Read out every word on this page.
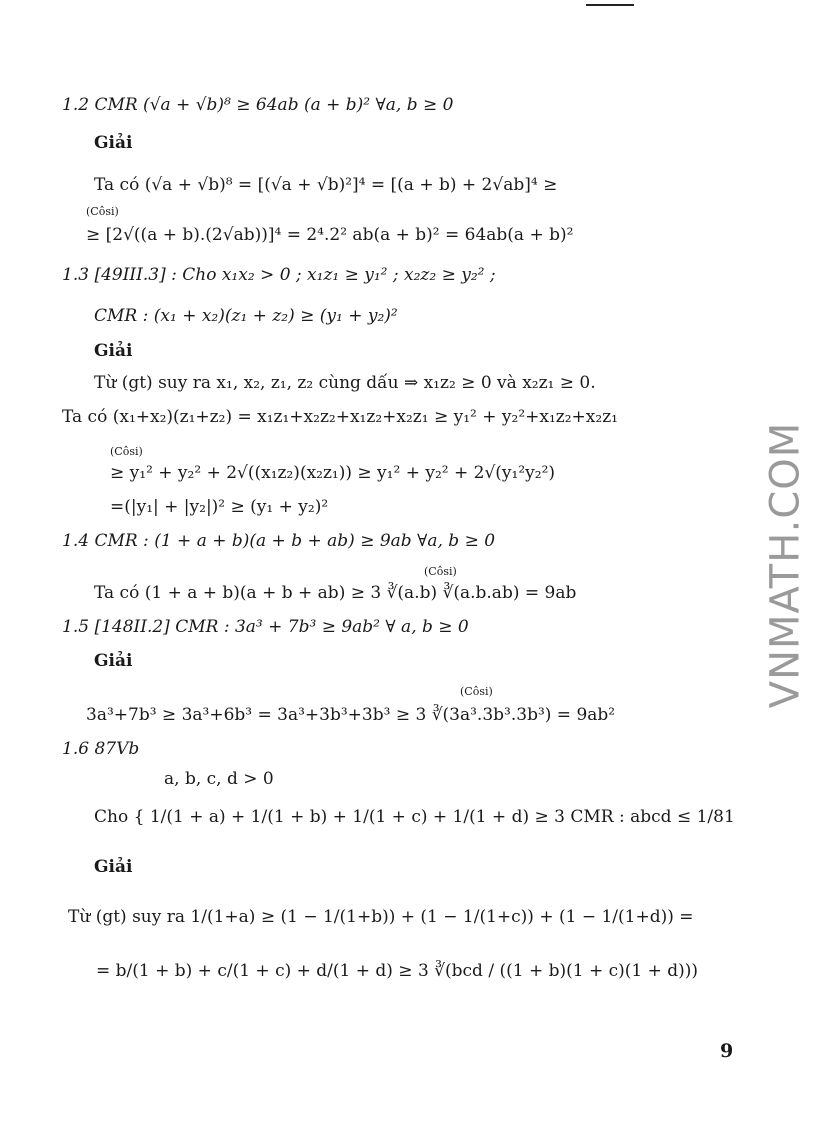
1.2 CMR (√a + √b)⁸ ≥ 64ab (a + b)² ∀a, b ≥ 0
Giải
Ta có (√a + √b)⁸ = [(√a + √b)²]⁴ = [(a + b) + 2√ab]⁴ ≥
(Côsi)
≥ [2√((a + b).(2√ab))]⁴ = 2⁴.2² ab(a + b)² = 64ab(a + b)²
1.3 [49III.3] : Cho x₁x₂ > 0 ; x₁z₁ ≥ y₁² ; x₂z₂ ≥ y₂² ;
CMR : (x₁ + x₂)(z₁ + z₂) ≥ (y₁ + y₂)²
Giải
Từ (gt) suy ra x₁, x₂, z₁, z₂ cùng dấu ⇒ x₁z₂ ≥ 0 và x₂z₁ ≥ 0.
Ta có (x₁+x₂)(z₁+z₂) = x₁z₁+x₂z₂+x₁z₂+x₂z₁ ≥ y₁² + y₂²+x₁z₂+x₂z₁
(Côsi)
≥ y₁² + y₂² + 2√((x₁z₂)(x₂z₁)) ≥ y₁² + y₂² + 2√(y₁²y₂²)
=(|y₁| + |y₂|)² ≥ (y₁ + y₂)²
1.4 CMR : (1 + a + b)(a + b + ab) ≥ 9ab ∀a, b ≥ 0
(Côsi)
Ta có (1 + a + b)(a + b + ab) ≥ 3 ∛(a.b) ∛(a.b.ab) = 9ab
1.5 [148II.2] CMR : 3a³ + 7b³ ≥ 9ab² ∀ a, b ≥ 0
Giải
(Côsi)
3a³+7b³ ≥ 3a³+6b³ = 3a³+3b³+3b³ ≥ 3 ∛(3a³.3b³.3b³) = 9ab²
1.6 87Vb
a, b, c, d > 0
Cho { 1/(1 + a) + 1/(1 + b) + 1/(1 + c) + 1/(1 + d) ≥ 3 CMR : abcd ≤ 1/81
Giải
Từ (gt) suy ra 1/(1+a) ≥ (1 − 1/(1+b)) + (1 − 1/(1+c)) + (1 − 1/(1+d)) =
= b/(1 + b) + c/(1 + c) + d/(1 + d) ≥ 3 ∛(bcd / ((1 + b)(1 + c)(1 + d)))
VNMATH.COM
9
